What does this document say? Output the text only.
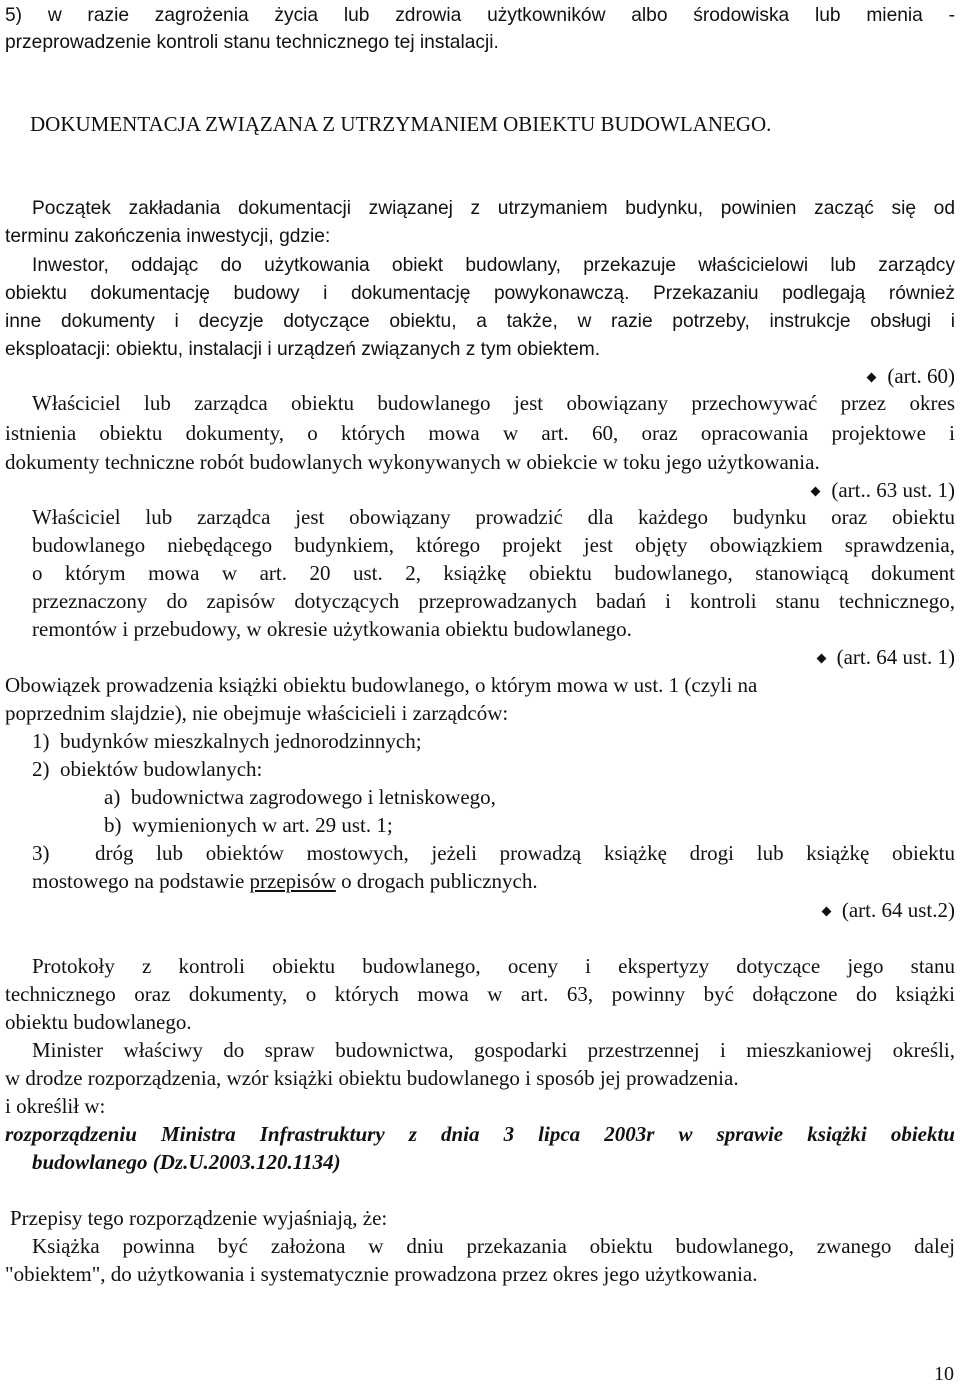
5) w razie zagrożenia życia lub zdrowia użytkowników albo środowiska lub mienia -

przeprowadzenie kontroli stanu technicznego tej instalacji.

DOKUMENTACJA ZWIĄZANA Z UTRZYMANIEM OBIEKTU BUDOWLANEGO.

Początek zakładania dokumentacji związanej z utrzymaniem budynku, powinien zacząć się od

terminu zakończenia inwestycji, gdzie:

Inwestor, oddając do użytkowania obiekt budowlany, przekazuje właścicielowi lub zarządcy

obiektu dokumentację budowy i dokumentację powykonawczą. Przekazaniu podlegają również

inne dokumenty i decyzje dotyczące obiektu, a także, w razie potrzeby, instrukcje obsługi i

eksploatacji: obiektu, instalacji i urządzeń związanych z tym obiektem.

(art. 60)

Właściciel lub zarządca obiektu budowlanego jest obowiązany przechowywać przez okres

istnienia obiektu dokumenty, o których mowa w art. 60, oraz opracowania projektowe i

dokumenty techniczne robót budowlanych wykonywanych w obiekcie w toku jego użytkowania.

(art.. 63 ust. 1)

Właściciel lub zarządca jest obowiązany prowadzić dla każdego budynku oraz obiektu

budowlanego niebędącego budynkiem, którego projekt jest objęty obowiązkiem sprawdzenia,

o którym mowa w art. 20 ust. 2, książkę obiektu budowlanego, stanowiącą dokument

przeznaczony do zapisów dotyczących przeprowadzanych badań i kontroli stanu technicznego,

remontów i przebudowy, w okresie użytkowania obiektu budowlanego.

(art. 64 ust. 1)

Obowiązek prowadzenia książki obiektu budowlanego, o którym mowa w ust. 1 (czyli na

poprzednim slajdzie), nie obejmuje właścicieli i zarządców:

1)  budynków mieszkalnych jednorodzinnych;

2)  obiektów budowlanych:

a)  budownictwa zagrodowego i letniskowego,

b)  wymienionych w art. 29 ust. 1;

3)  dróg lub obiektów mostowych, jeżeli prowadzą książkę drogi lub książkę obiektu

mostowego na podstawie przepisów o drogach publicznych.

(art. 64 ust.2)

Protokoły z kontroli obiektu budowlanego, oceny i ekspertyzy dotyczące jego stanu

technicznego oraz dokumenty, o których mowa w art. 63, powinny być dołączone do książki

obiektu budowlanego.

Minister właściwy do spraw budownictwa, gospodarki przestrzennej i mieszkaniowej określi,

w drodze rozporządzenia, wzór książki obiektu budowlanego i sposób jej prowadzenia.

i określił w:

rozporządzeniu Ministra Infrastruktury z dnia 3 lipca 2003r w sprawie książki obiektu

budowlanego (Dz.U.2003.120.1134)

Przepisy tego rozporządzenie wyjaśniają, że:

Książka powinna być założona w dniu przekazania obiektu budowlanego, zwanego dalej

"obiektem", do użytkowania i systematycznie prowadzona przez okres jego użytkowania.

10
